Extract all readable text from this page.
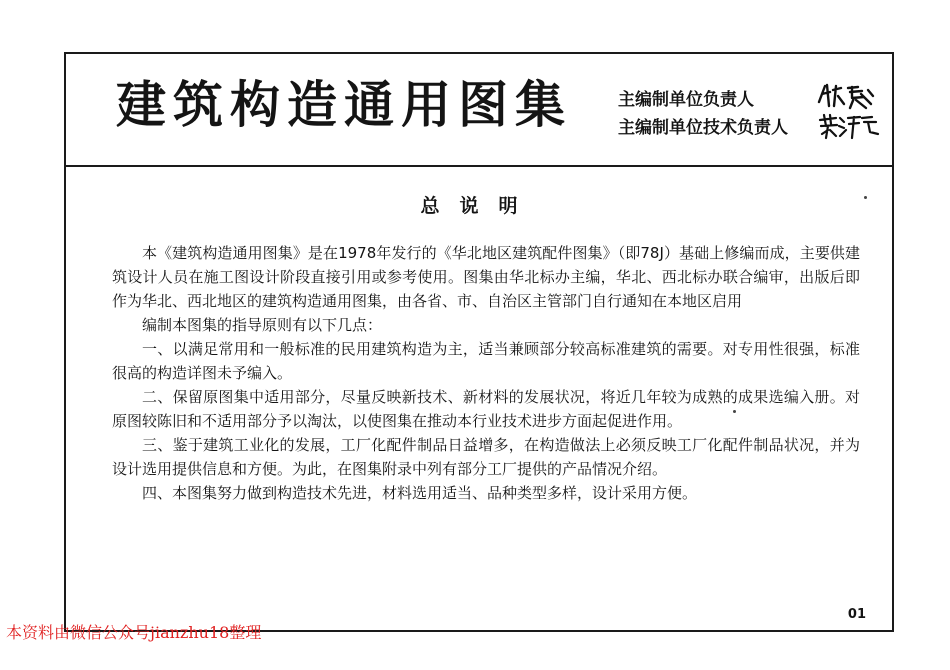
建筑构造通用图集	主编制单位负责人
主编制单位技术负责人
总说明

本《建筑构造通用图集》是在1978年发行的《华北地区建筑配件图集》（即78J）基础上修编而成，主要供建筑设计人员在施工图设计阶段直接引用或参考使用。图集由华北标办主编，华北、西北标办联合编审，出版后即作为华北、西北地区的建筑构造通用图集，由各省、市、自治区主管部门自行通知在本地区启用

编制本图集的指导原则有以下几点：

一、以满足常用和一般标准的民用建筑构造为主，适当兼顾部分较高标准建筑的需要。对专用性很强，标准很高的构造详图未予编入。

二、保留原图集中适用部分，尽量反映新技术、新材料的发展状况，将近几年较为成熟的成果选编入册。对原图较陈旧和不适用部分予以淘汰，以使图集在推动本行业技术进步方面起促进作用。

三、鉴于建筑工业化的发展，工厂化配件制品日益增多，在构造做法上必须反映工厂化配件制品状况，并为设计选用提供信息和方便。为此，在图集附录中列有部分工厂提供的产品情况介绍。

四、本图集努力做到构造技术先进，材料选用适当、品种类型多样，设计采用方便。

01
本资料由微信公众号jianzhu18整理
